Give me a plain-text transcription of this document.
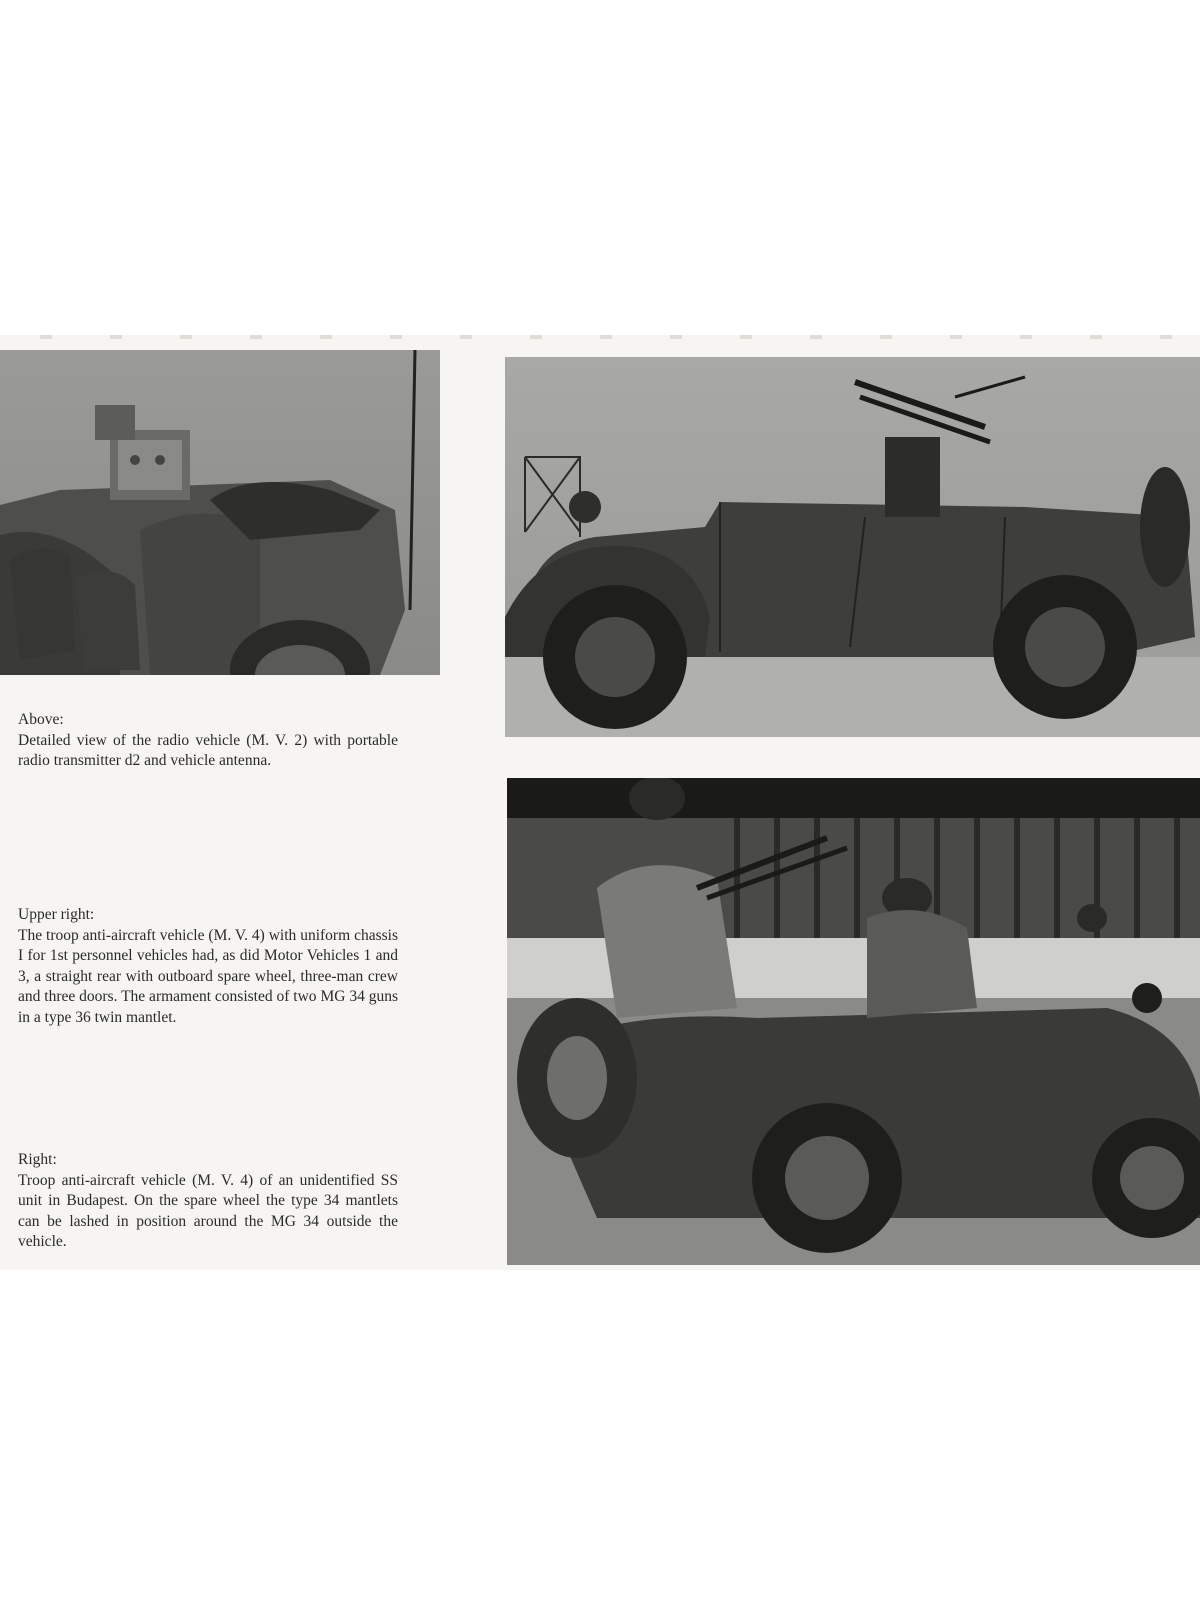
Above:
Detailed view of the radio vehicle (M. V. 2) with portable radio transmitter d2 and vehicle antenna.

Upper right:
The troop anti-aircraft vehicle (M. V. 4) with uniform chassis I for 1st personnel vehicles had, as did Motor Vehicles 1 and 3, a straight rear with outboard spare wheel, three-man crew and three doors. The armament consisted of two MG 34 guns in a type 36 twin mantlet.

Right:
Troop anti-aircraft vehicle (M. V. 4) of an unidentified SS unit in Budapest. On the spare wheel the type 34 mantlets can be lashed in position around the MG 34 outside the vehicle.
